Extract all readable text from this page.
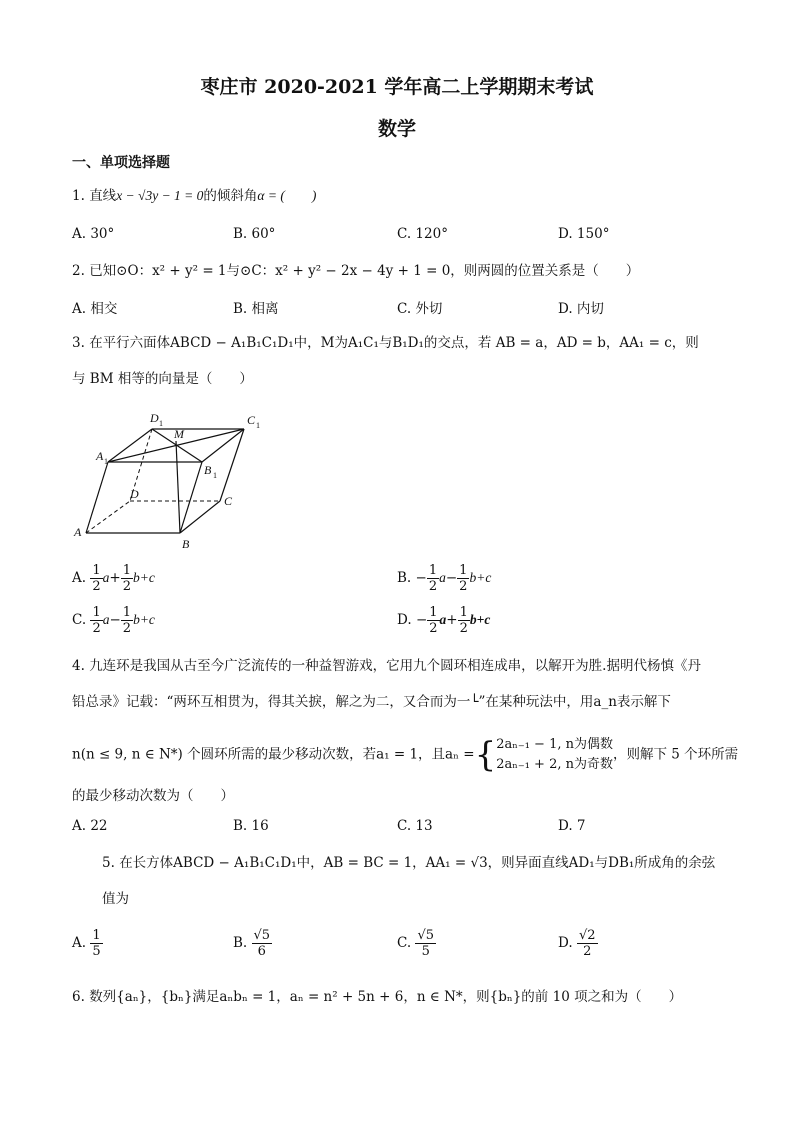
枣庄市 2020-2021 学年高二上学期期末考试
数学
一、单项选择题
1. 直线x − √3y − 1 = 0的倾斜角α = (　　)
A. 30°	B. 60°	C. 120°	D. 150°
2. 已知⊙O：x² + y² = 1与⊙C：x² + y² − 2x − 4y + 1 = 0，则两圆的位置关系是（　　）
A. 相交	B. 相离	C. 外切	D. 内切
3. 在平行六面体ABCD − A₁B₁C₁D₁中，M为A₁C₁与B₁D₁的交点，若 AB = a，AD = b，AA₁ = c，则
与 BM 相等的向量是（　　）
D 1	C 1
A 1
M
B 1
D	C
A
B
A. $\frac{1}{2} a+ \frac{1}{2} b+c$	B. − $\frac{1}{2} a- \frac{1}{2} b+c$
C. $\frac{1}{2} a- \frac{1}{2} b+c$	D. − $\frac{1}{2} a+ \frac{1}{2} b+c$
4. 九连环是我国从古至今广泛流传的一种益智游戏，它用九个圆环相连成串，以解开为胜.据明代杨慎《丹
铅总录》记载：“两环互相贯为，得其关捩，解之为二，又合而为一└”在某种玩法中，用a_n表示解下
n(n ≤ 9, n ∈ N*) 个圆环所需的最少移动次数，若a₁ = 1，且aₙ ={ 2aₙ₋₁ − 1, n为偶数
2aₙ₋₁ + 2, n为奇数
，则解下 5 个环所需
的最少移动次数为（　　）
A. 22	B. 16	C. 13	D. 7
5. 在长方体ABCD − A₁B₁C₁D₁中，AB = BC = 1，AA₁ = √3，则异面直线AD₁与DB₁所成角的余弦
值为
A. $\frac{1}{5}$	B. $\frac{√5}{6}$	C. $\frac{√5}{5}$	D. $\frac{√2}{2}$
6. 数列{aₙ}，{bₙ}满足aₙbₙ = 1，aₙ = n² + 5n + 6，n ∈ N*，则{bₙ}的前 10 项之和为（　　）
